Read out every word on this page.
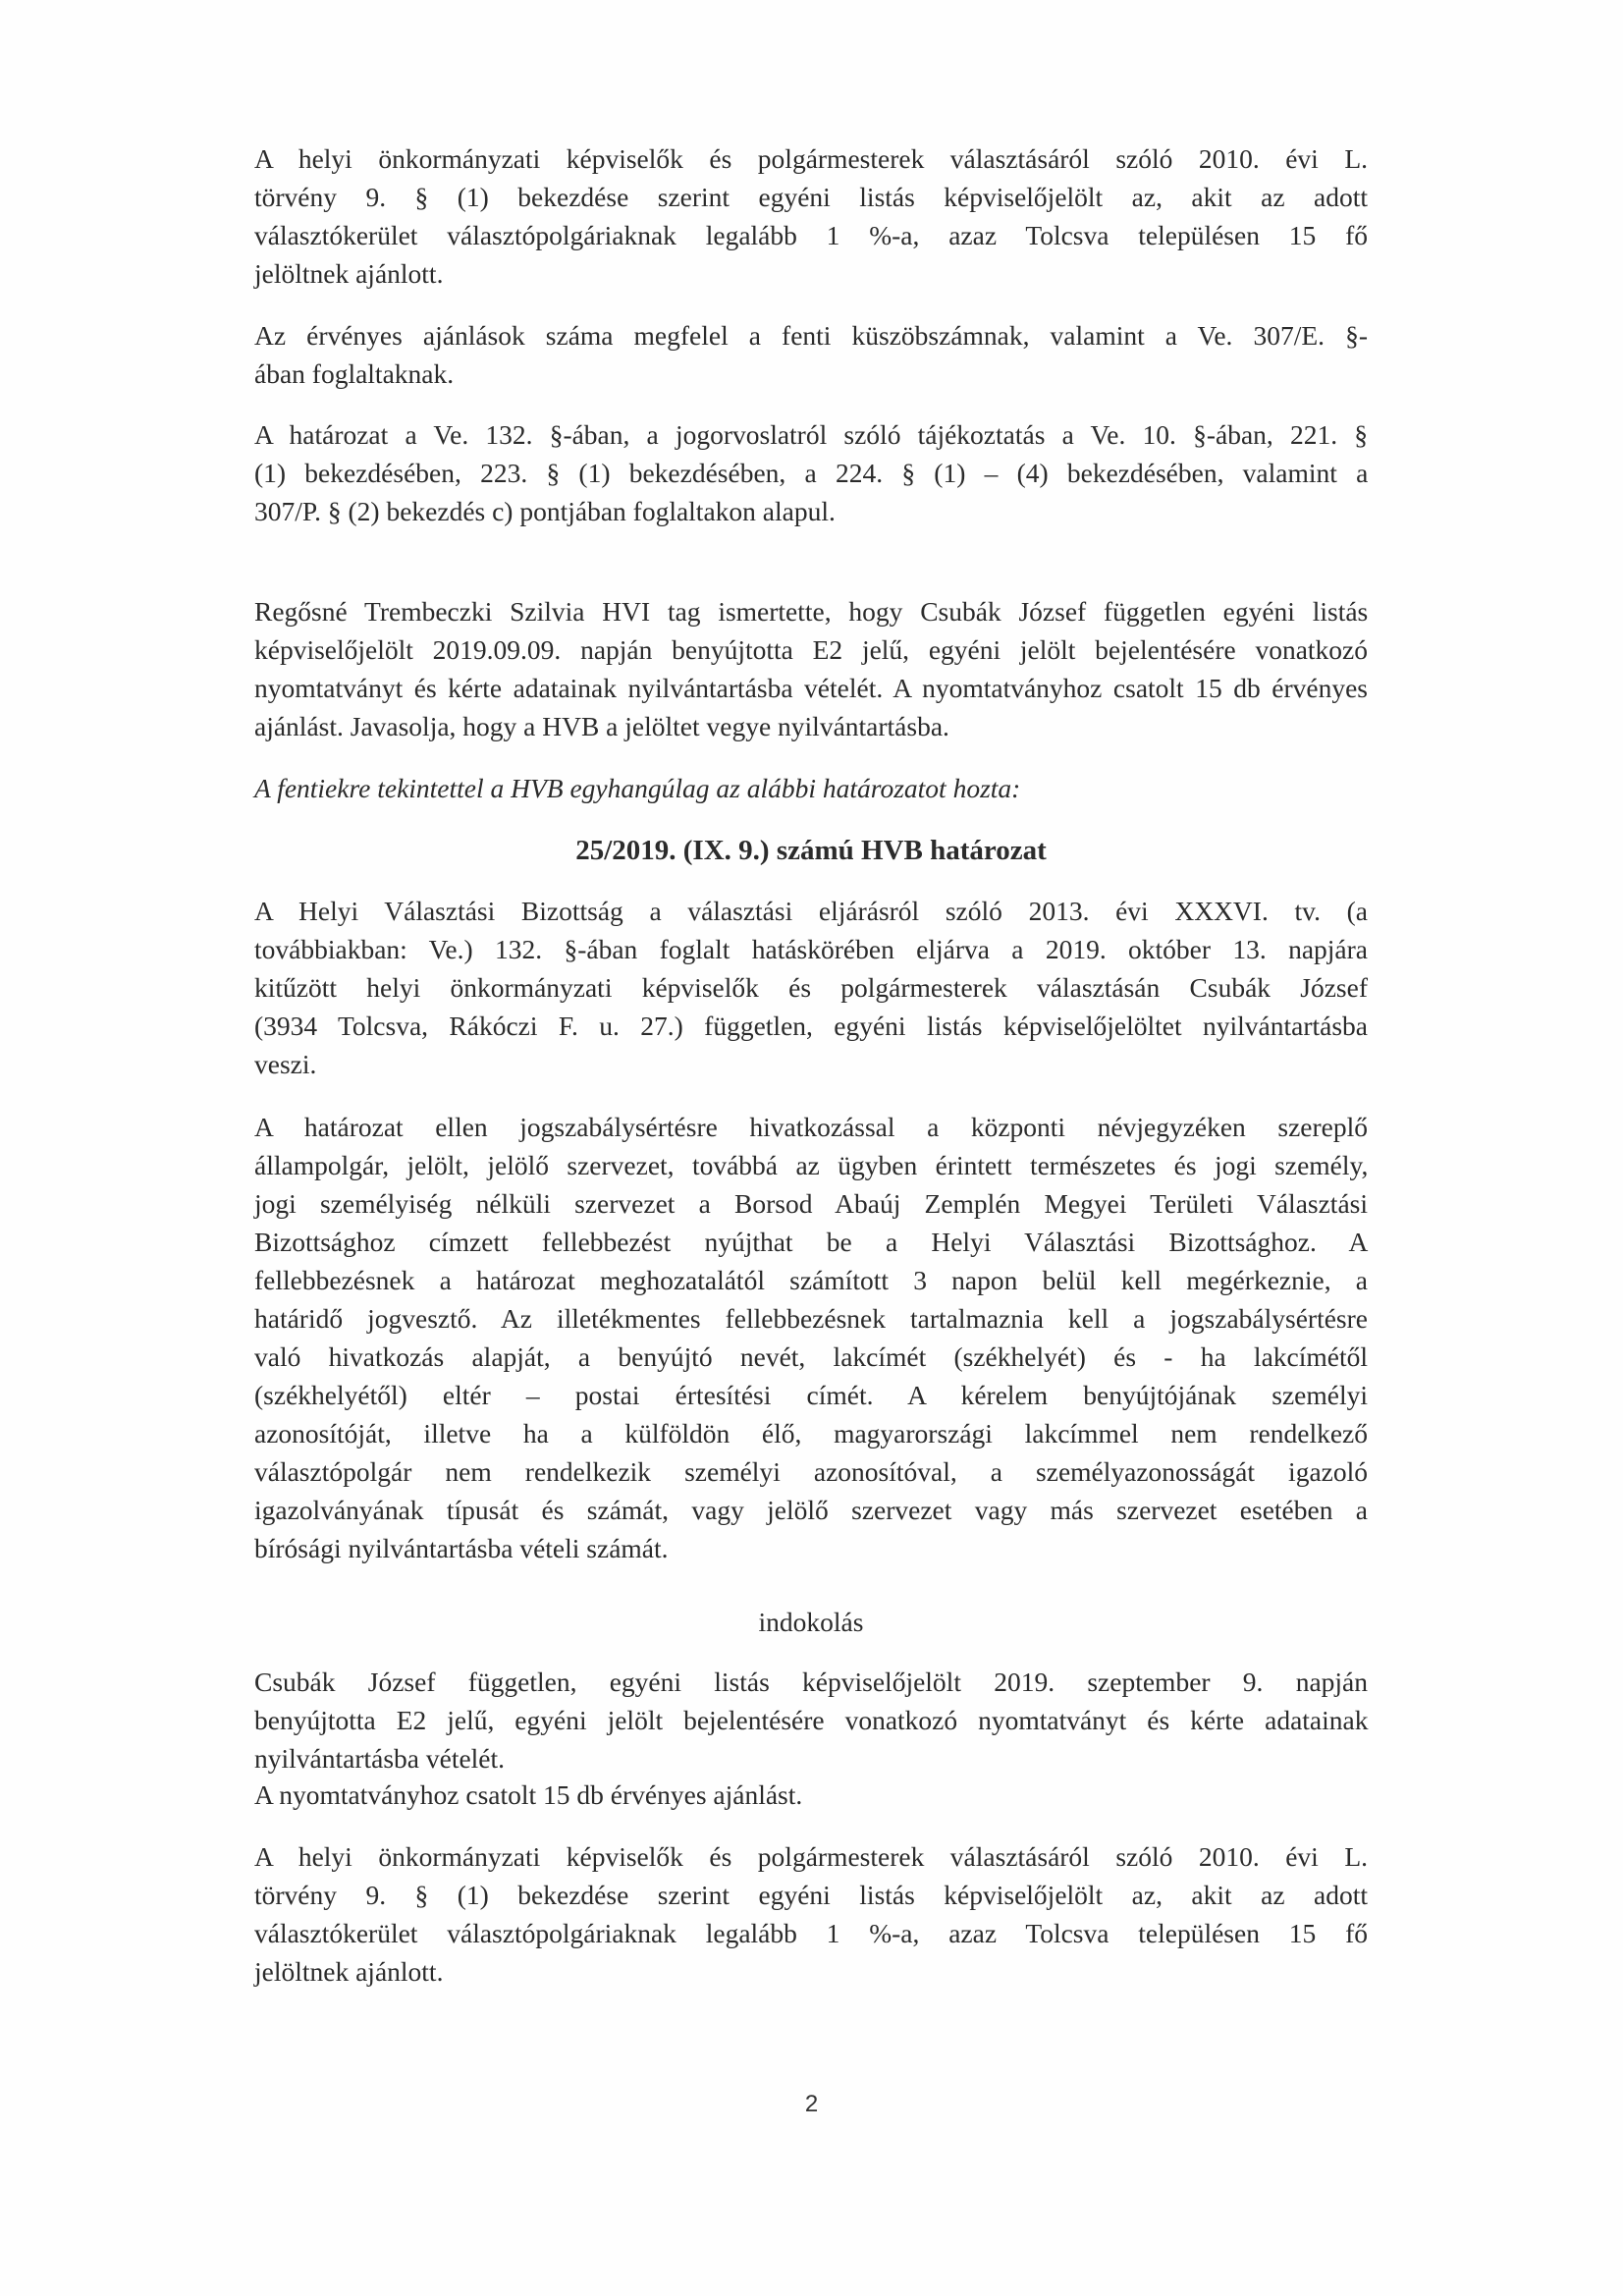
A helyi önkormányzati képviselők és polgármesterek választásáról szóló 2010. évi L.
törvény 9. § (1) bekezdése szerint egyéni listás képviselőjelölt az, akit az adott
választókerület választópolgáriaknak legalább 1 %-a, azaz Tolcsva településen 15 fő
jelöltnek ajánlott.
Az érvényes ajánlások száma megfelel a fenti küszöbszámnak, valamint a Ve. 307/E. §-
ában foglaltaknak.
A határozat a Ve. 132. §-ában, a jogorvoslatról szóló tájékoztatás a Ve. 10. §-ában, 221. §
(1) bekezdésében, 223. § (1) bekezdésében, a 224. § (1) – (4) bekezdésében, valamint a
307/P. § (2) bekezdés c) pontjában foglaltakon alapul.
Regősné Trembeczki Szilvia HVI tag ismertette, hogy Csubák József független egyéni listás
képviselőjelölt 2019.09.09. napján benyújtotta E2 jelű, egyéni jelölt bejelentésére vonatkozó
nyomtatványt és kérte adatainak nyilvántartásba vételét. A nyomtatványhoz csatolt 15 db érvényes
ajánlást. Javasolja, hogy a HVB a jelöltet vegye nyilvántartásba.
A fentiekre tekintettel a HVB egyhangúlag az alábbi határozatot hozta:
25/2019. (IX. 9.) számú HVB határozat
A Helyi Választási Bizottság a választási eljárásról szóló 2013. évi XXXVI. tv. (a
továbbiakban: Ve.) 132. §-ában foglalt hatáskörében eljárva a 2019. október 13. napjára
kitűzött helyi önkormányzati képviselők és polgármesterek választásán Csubák József
(3934 Tolcsva, Rákóczi F. u. 27.) független, egyéni listás képviselőjelöltet nyilvántartásba
veszi.
A határozat ellen jogszabálysértésre hivatkozással a központi névjegyzéken szereplő
állampolgár, jelölt, jelölő szervezet, továbbá az ügyben érintett természetes és jogi személy,
jogi személyiség nélküli szervezet a Borsod Abaúj Zemplén Megyei Területi Választási
Bizottsághoz címzett fellebbezést nyújthat be a Helyi Választási Bizottsághoz. A
fellebbezésnek a határozat meghozatalától számított 3 napon belül kell megérkeznie, a
határidő jogvesztő. Az illetékmentes fellebbezésnek tartalmaznia kell a jogszabálysértésre
való hivatkozás alapját, a benyújtó nevét, lakcímét (székhelyét) és - ha lakcímétől
(székhelyétől) eltér – postai értesítési címét. A kérelem benyújtójának személyi
azonosítóját, illetve ha a külföldön élő, magyarországi lakcímmel nem rendelkező
választópolgár nem rendelkezik személyi azonosítóval, a személyazonosságát igazoló
igazolványának típusát és számát, vagy jelölő szervezet vagy más szervezet esetében a
bírósági nyilvántartásba vételi számát.
indokolás
Csubák József független, egyéni listás képviselőjelölt 2019. szeptember 9. napján
benyújtotta E2 jelű, egyéni jelölt bejelentésére vonatkozó nyomtatványt és kérte adatainak
nyilvántartásba vételét.
A nyomtatványhoz csatolt 15 db érvényes ajánlást.
A helyi önkormányzati képviselők és polgármesterek választásáról szóló 2010. évi L.
törvény 9. § (1) bekezdése szerint egyéni listás képviselőjelölt az, akit az adott
választókerület választópolgáriaknak legalább 1 %-a, azaz Tolcsva településen 15 fő
jelöltnek ajánlott.
2
